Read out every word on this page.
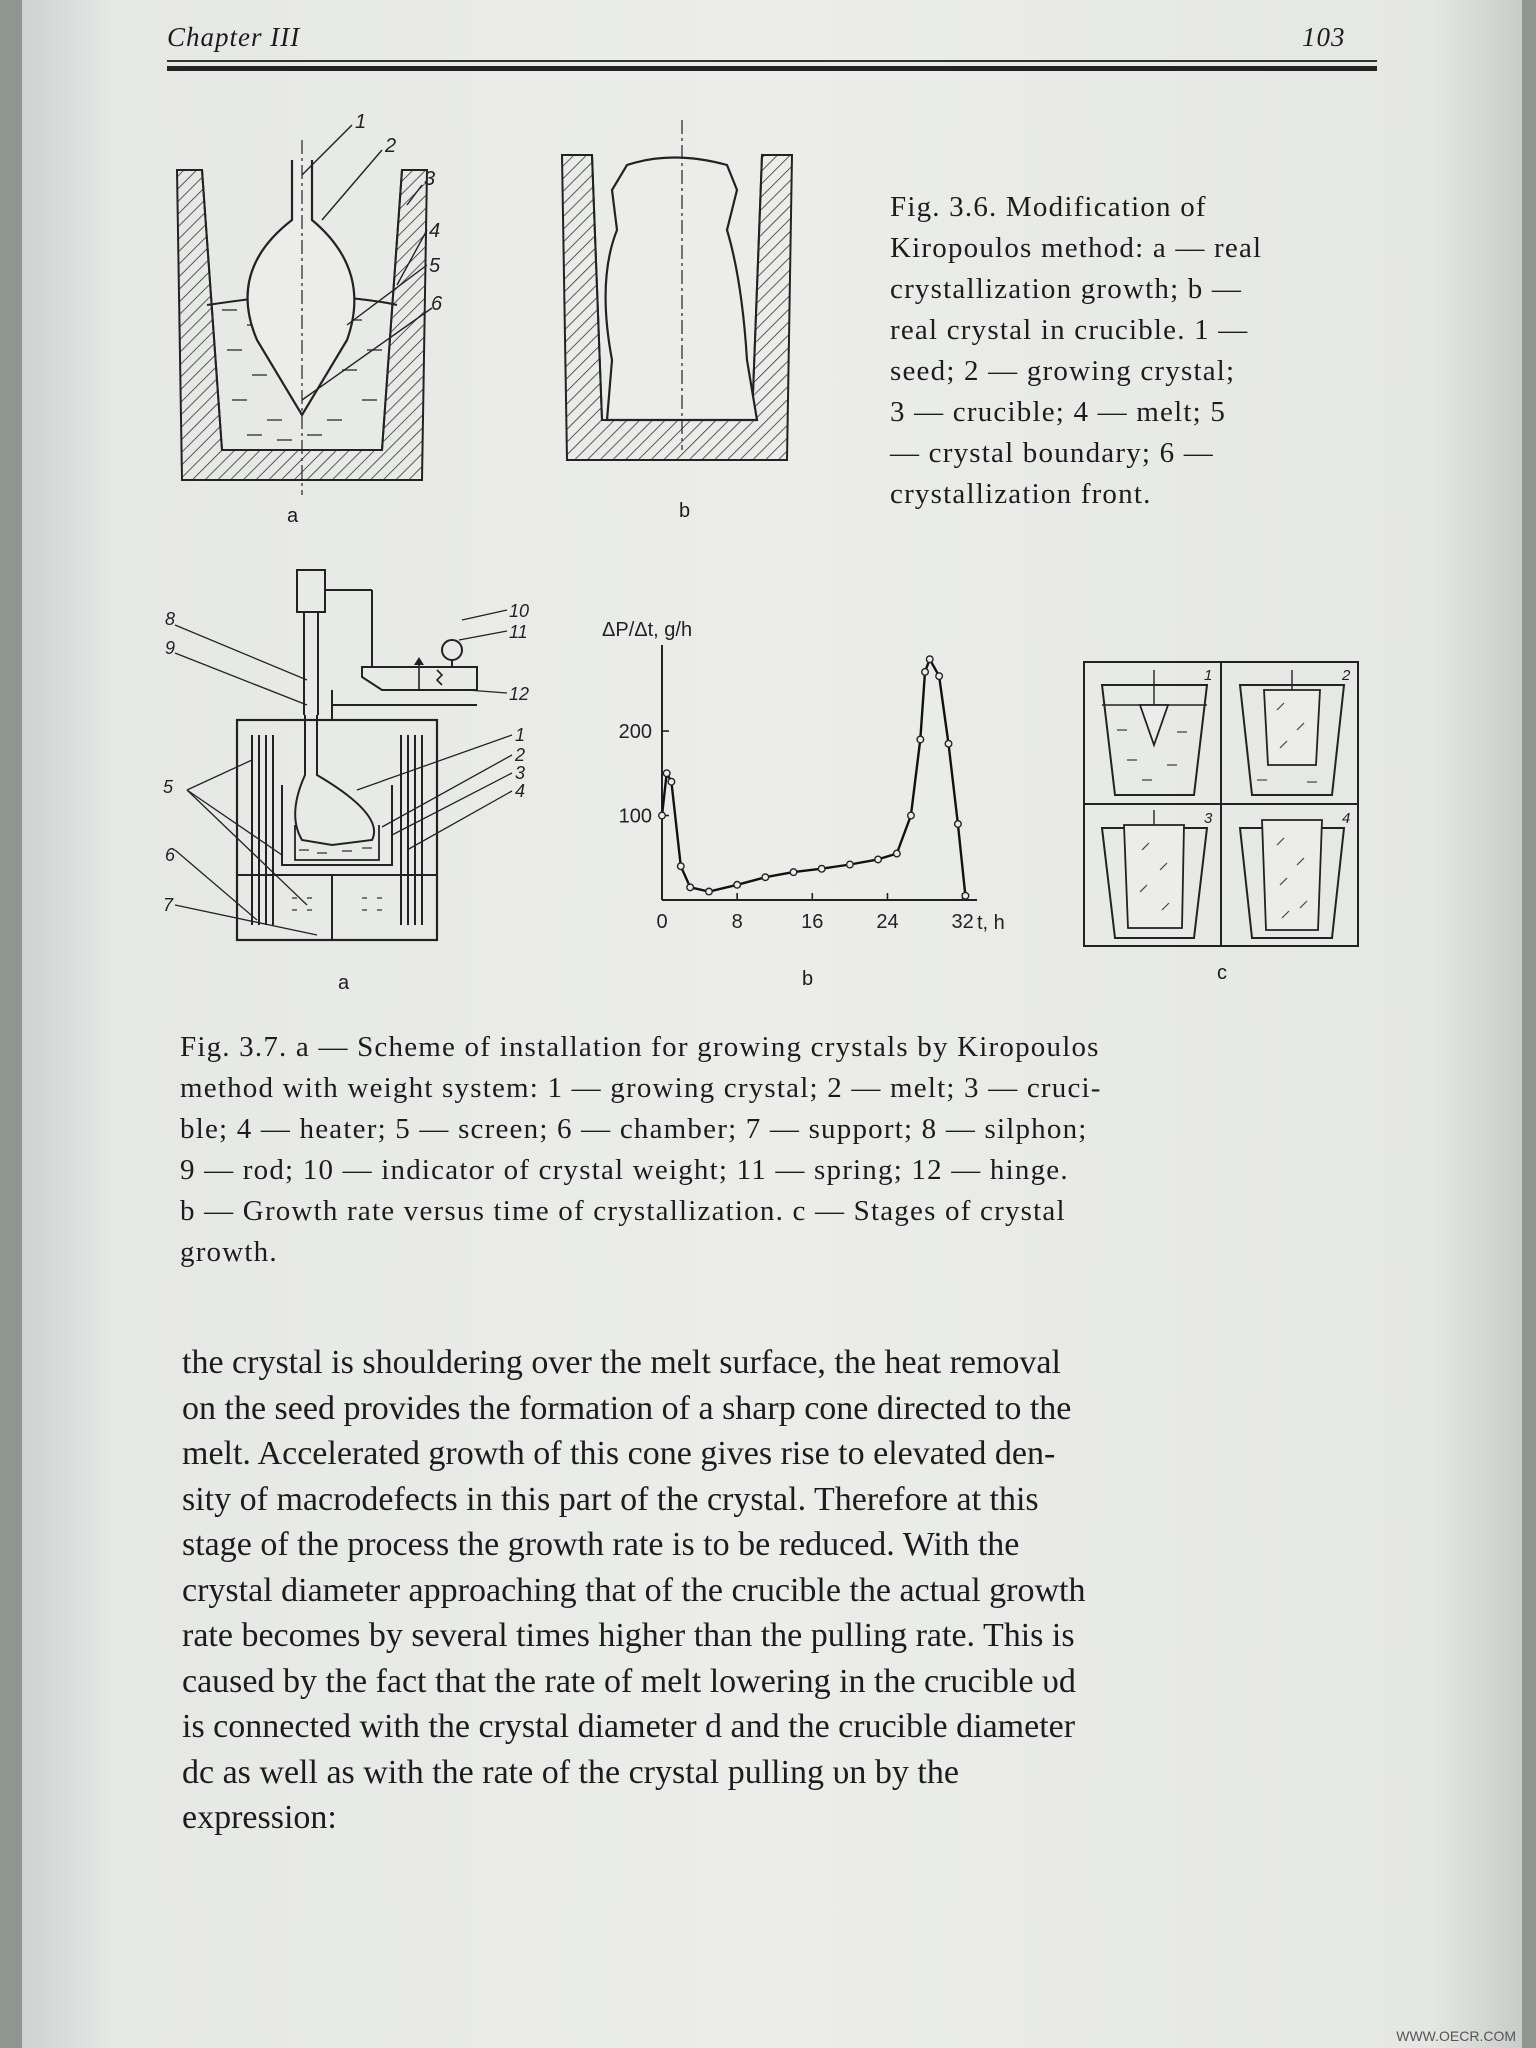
Chapter III	103
1
2
3
4
5
6
a	b
Fig. 3.6. Modification of
Kiropoulos method: a — real
crystallization growth; b —
real crystal in crucible. 1 —
seed; 2 — growing crystal;
3 — crucible; 4 — melt; 5
— crystal boundary; 6 —
crystallization front.
8
9
5
6
7
10
11
12
1
2
3
4
a
ΔP/Δt, g/h
t, h
0	8	16	24	32
100
200
b
1	2
3	4
c
Fig. 3.7. a — Scheme of installation for growing crystals by Kiropoulos
method with weight system: 1 — growing crystal; 2 — melt; 3 — cruci-
ble; 4 — heater; 5 — screen; 6 — chamber; 7 — support; 8 — silphon;
9 — rod; 10 — indicator of crystal weight; 11 — spring; 12 — hinge.
b — Growth rate versus time of crystallization. c — Stages of crystal
growth.
the crystal is shouldering over the melt surface, the heat removal
on the seed provides the formation of a sharp cone directed to the
melt. Accelerated growth of this cone gives rise to elevated den-
sity of macrodefects in this part of the crystal. Therefore at this
stage of the process the growth rate is to be reduced. With the
crystal diameter approaching that of the crucible the actual growth
rate becomes by several times higher than the pulling rate. This is
caused by the fact that the rate of melt lowering in the crucible υd
is connected with the crystal diameter d and the crucible diameter
dc as well as with the rate of the crystal pulling υn by the
expression:
WWW.OECR.COM
